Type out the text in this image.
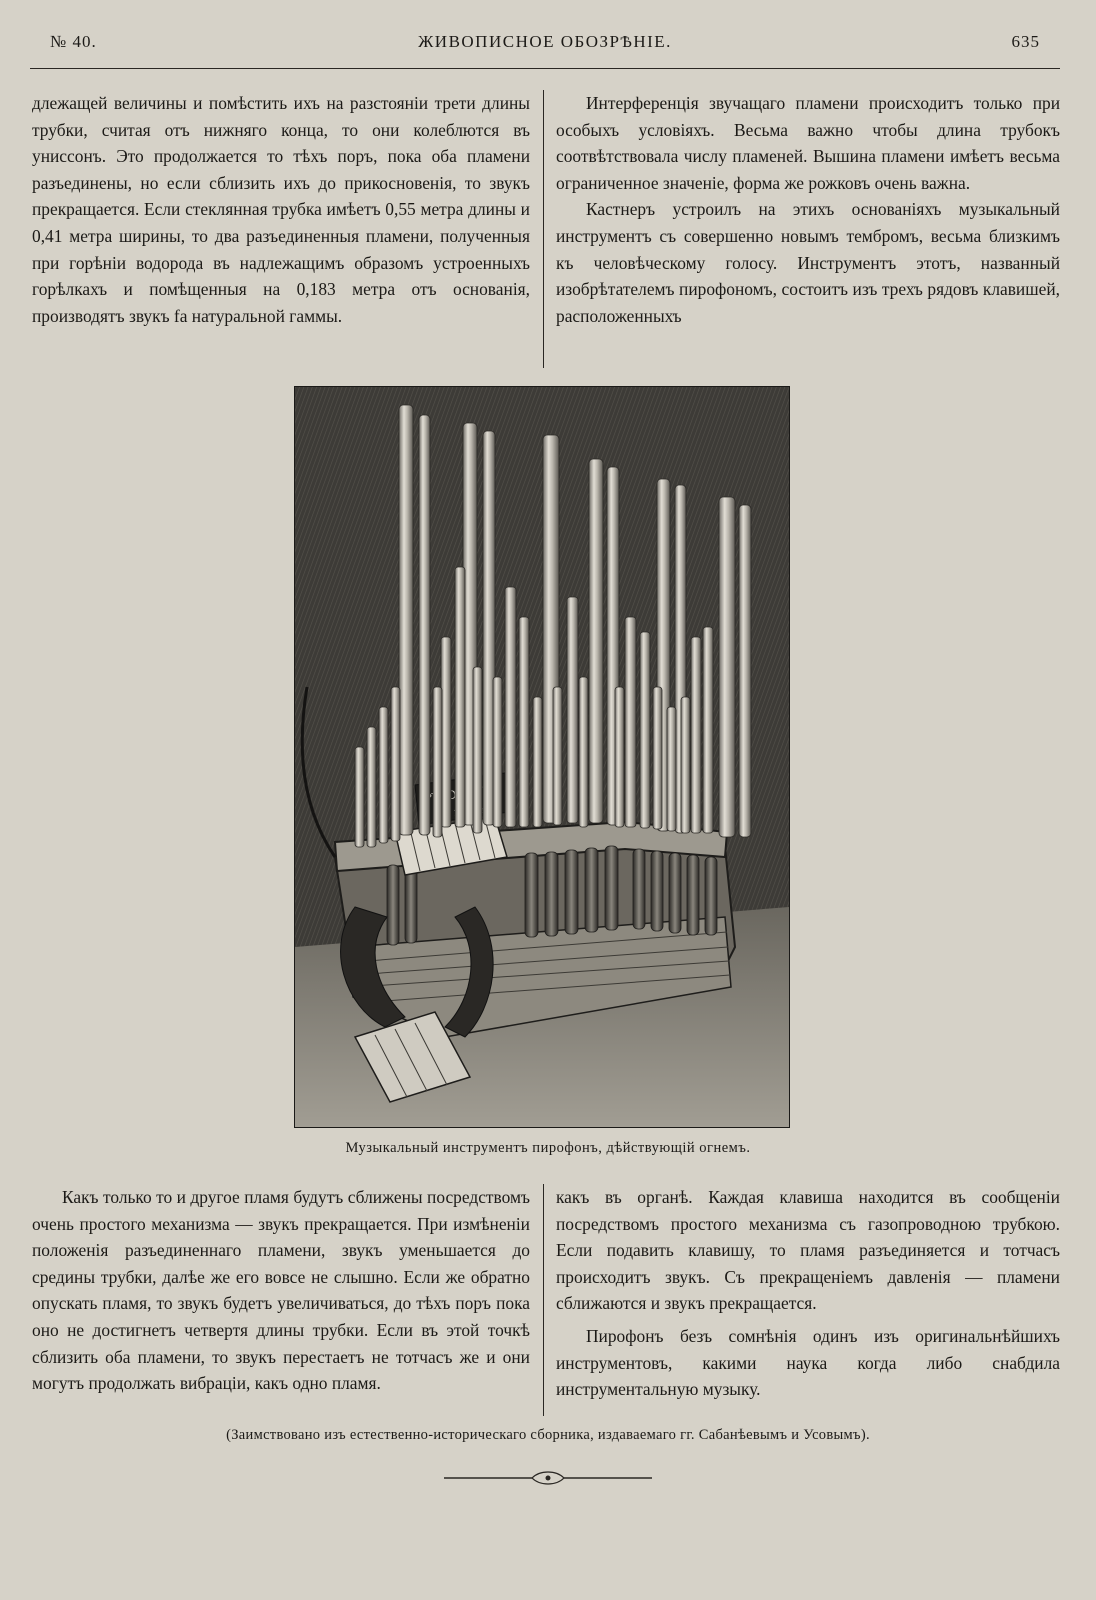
№ 40.	ЖИВОПИСНОЕ ОБОЗРѢНІЕ.	635

длежащей величины и помѣстить ихъ на разстояніи трети длины трубки, считая отъ нижняго конца, то они колеблются въ униссонъ. Это продолжается то тѣхъ поръ, пока оба пламени разъединены, но если сблизить ихъ до прикосновенія, то звукъ прекращается. Если стеклянная трубка имѣетъ 0,55 метра длины и 0,41 метра ширины, то два разъединенныя пламени, полученныя при горѣніи водорода въ надлежащимъ образомъ устроенныхъ горѣлкахъ и помѣщенныя на 0,183 метра отъ основанія, производятъ звукъ fa натуральной гаммы.

Интерференція звучащаго пламени происходитъ только при особыхъ условіяхъ. Весьма важно чтобы длина трубокъ соотвѣтствовала числу пламеней. Вышина пламени имѣетъ весьма ограниченное значеніе, форма же рожковъ очень важна.

Кастнеръ устроилъ на этихъ основаніяхъ музыкальный инструментъ съ совершенно новымъ тембромъ, весьма близкимъ къ человѣческому голосу. Инструментъ этотъ, названный изобрѣтателемъ пирофономъ, состоитъ изъ трехъ рядовъ клавишей, расположенныхъ

Музыкальный инструментъ пирофонъ, дѣйствующій огнемъ.

Какъ только то и другое пламя будутъ сближены посредствомъ очень простого механизма — звукъ прекращается. При измѣненіи положенія разъединеннаго пламени, звукъ уменьшается до средины трубки, далѣе же его вовсе не слышно. Если же обратно опускать пламя, то звукъ будетъ увеличиваться, до тѣхъ поръ пока оно не достигнетъ четвертя длины трубки. Если въ этой точкѣ сблизить оба пламени, то звукъ перестаетъ не тотчасъ же и они могутъ продолжать вибраціи, какъ одно пламя.

какъ въ органѣ. Каждая клавиша находится въ сообщеніи посредствомъ простого механизма съ газопроводною трубкою. Если подавить клавишу, то пламя разъединяется и тотчасъ происходитъ звукъ. Съ прекращеніемъ давленія — пламени сближаются и звукъ прекращается.

Пирофонъ безъ сомнѣнія одинъ изъ оригинальнѣйшихъ инструментовъ, какими наука когда либо снабдила инструментальную музыку.

(Заимствовано изъ естественно-историческаго сборника, издаваемаго гг. Сабанѣевымъ и Усовымъ).
